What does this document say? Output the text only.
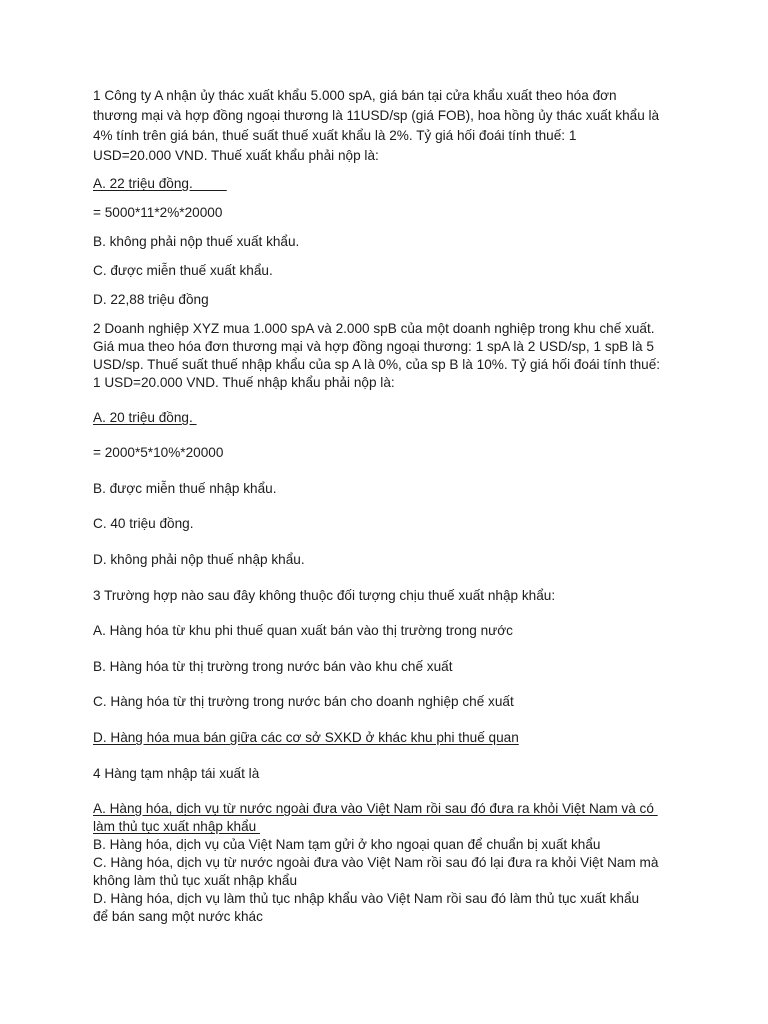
1 Công ty A nhận ủy thác xuất khẩu 5.000 spA, giá bán tại cửa khẩu xuất theo hóa đơn
thương mại và hợp đồng ngoại thương là 11USD/sp (giá FOB), hoa hồng ủy thác xuất khẩu là
4% tính trên giá bán, thuế suất thuế xuất khẩu là 2%. Tỷ giá hối đoái tính thuế: 1
USD=20.000 VND. Thuế xuất khẩu phải nộp là:
A. 22 triệu đồng.
= 5000*11*2%*20000
B. không phải nộp thuế xuất khẩu.
C. được miễn thuế xuất khẩu.
D. 22,88 triệu đồng
2 Doanh nghiệp XYZ mua 1.000 spA và 2.000 spB của một doanh nghiệp trong khu chế xuất.
Giá mua theo hóa đơn thương mại và hợp đồng ngoại thương: 1 spA là 2 USD/sp, 1 spB là 5
USD/sp. Thuế suất thuế nhập khẩu của sp A là 0%, của sp B là 10%. Tỷ giá hối đoái tính thuế:
1 USD=20.000 VND. Thuế nhập khẩu phải nộp là:
A. 20 triệu đồng.
= 2000*5*10%*20000
B. được miễn thuế nhập khẩu.
C. 40 triệu đồng.
D. không phải nộp thuế nhập khẩu.
3 Trường hợp nào sau đây không thuộc đối tượng chịu thuế xuất nhập khẩu:
A. Hàng hóa từ khu phi thuế quan xuất bán vào thị trường trong nước
B. Hàng hóa từ thị trường trong nước bán vào khu chế xuất
C. Hàng hóa từ thị trường trong nước bán cho doanh nghiệp chế xuất
D. Hàng hóa mua bán giữa các cơ sở SXKD ở khác khu phi thuế quan
4 Hàng tạm nhập tái xuất là
A. Hàng hóa, dịch vụ từ nước ngoài đưa vào Việt Nam rồi sau đó đưa ra khỏi Việt Nam và có
làm thủ tục xuất nhập khẩu
B. Hàng hóa, dịch vụ của Việt Nam tạm gửi ở kho ngoại quan để chuẩn bị xuất khẩu
C. Hàng hóa, dịch vụ từ nước ngoài đưa vào Việt Nam rồi sau đó lại đưa ra khỏi Việt Nam mà
không làm thủ tục xuất nhập khẩu
D. Hàng hóa, dịch vụ làm thủ tục nhập khẩu vào Việt Nam rồi sau đó làm thủ tục xuất khẩu
để bán sang một nước khác
